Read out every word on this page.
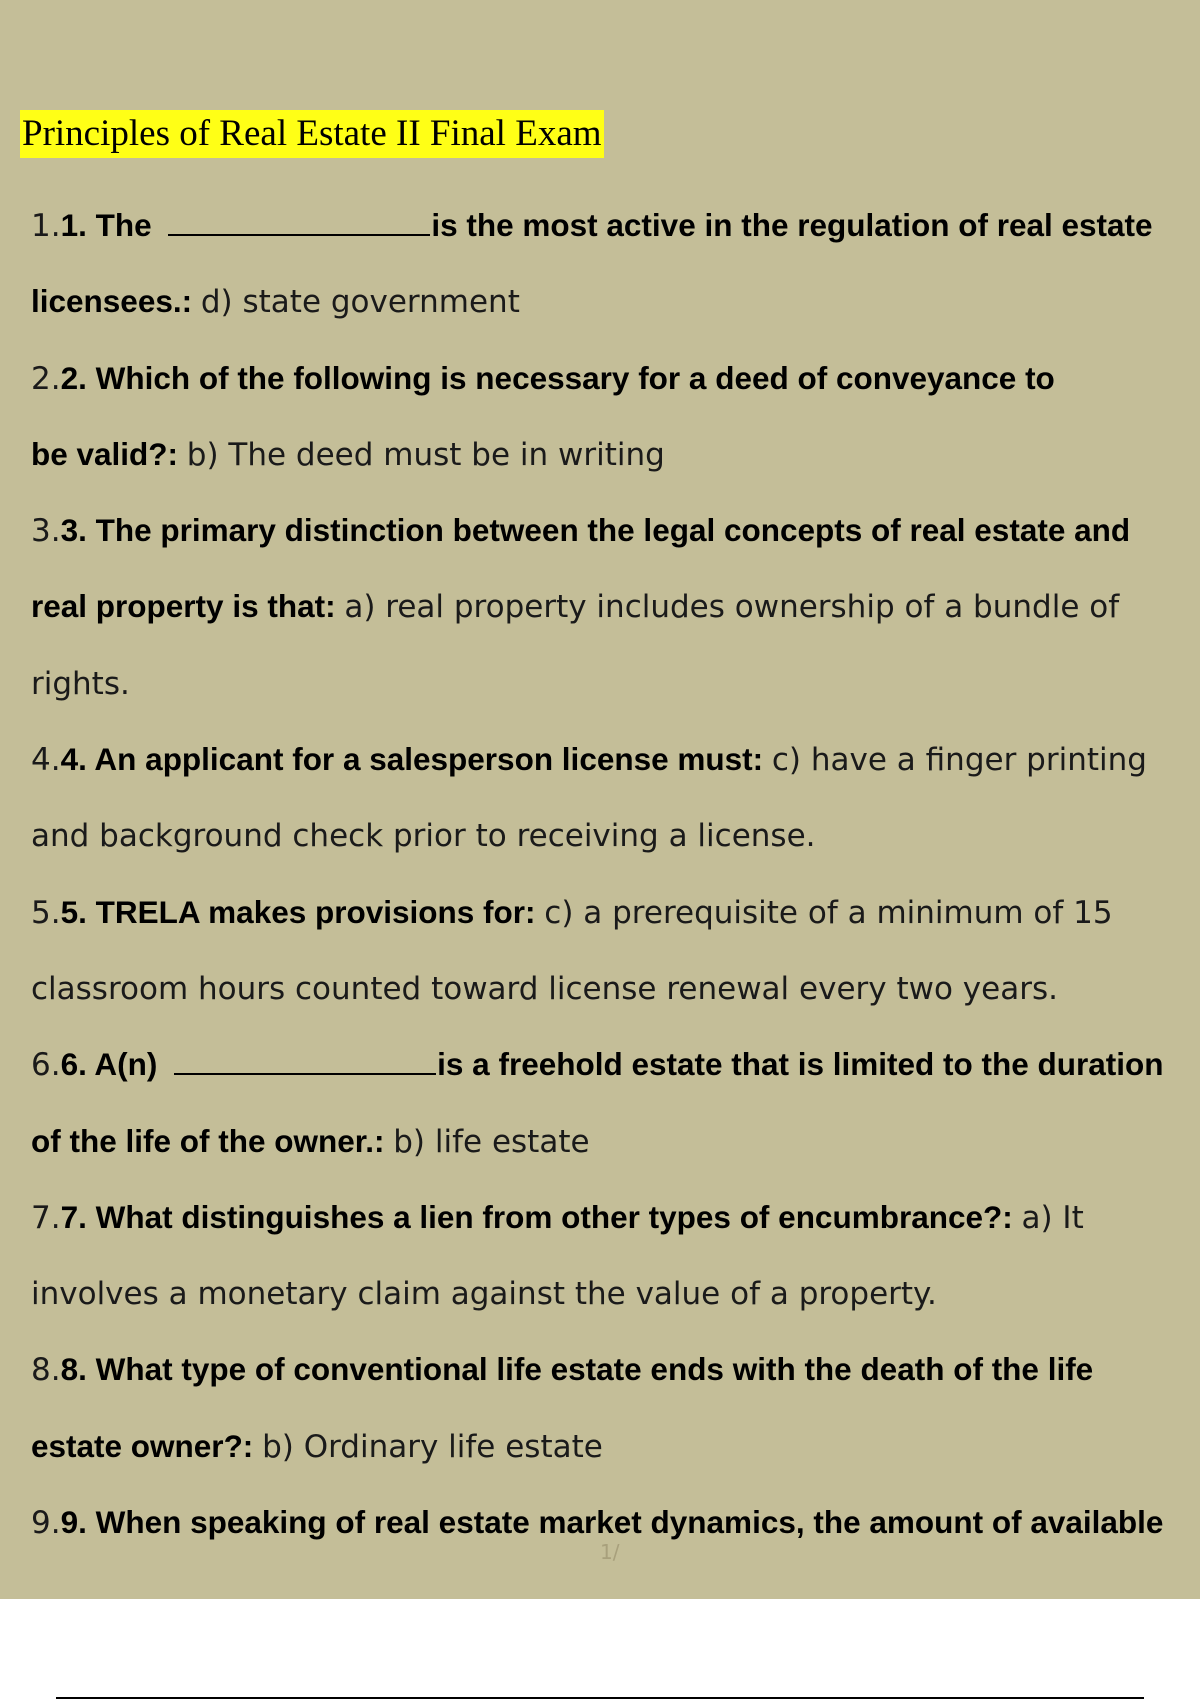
Principles of Real Estate II Final Exam

1.1. The	is the most active in the regulation of real estate

licensees.: d) state government

2.2. Which of the following is necessary for a deed of conveyance to

be valid?: b) The deed must be in writing

3.3. The primary distinction between the legal concepts of real estate and

real property is that: a) real property includes ownership of a bundle of

rights.

4.4. An applicant for a salesperson license must: c) have a finger printing

and background check prior to receiving a license.

5.5. TRELA makes provisions for: c) a prerequisite of a minimum of 15

classroom hours counted toward license renewal every two years.

6.6. A(n)	is a freehold estate that is limited to the duration

of the life of the owner.: b) life estate

7.7. What distinguishes a lien from other types of encumbrance?: a) It

involves a monetary claim against the value of a property.

8.8. What type of conventional life estate ends with the death of the life

estate owner?: b) Ordinary life estate

9.9. When speaking of real estate market dynamics, the amount of available

1/
